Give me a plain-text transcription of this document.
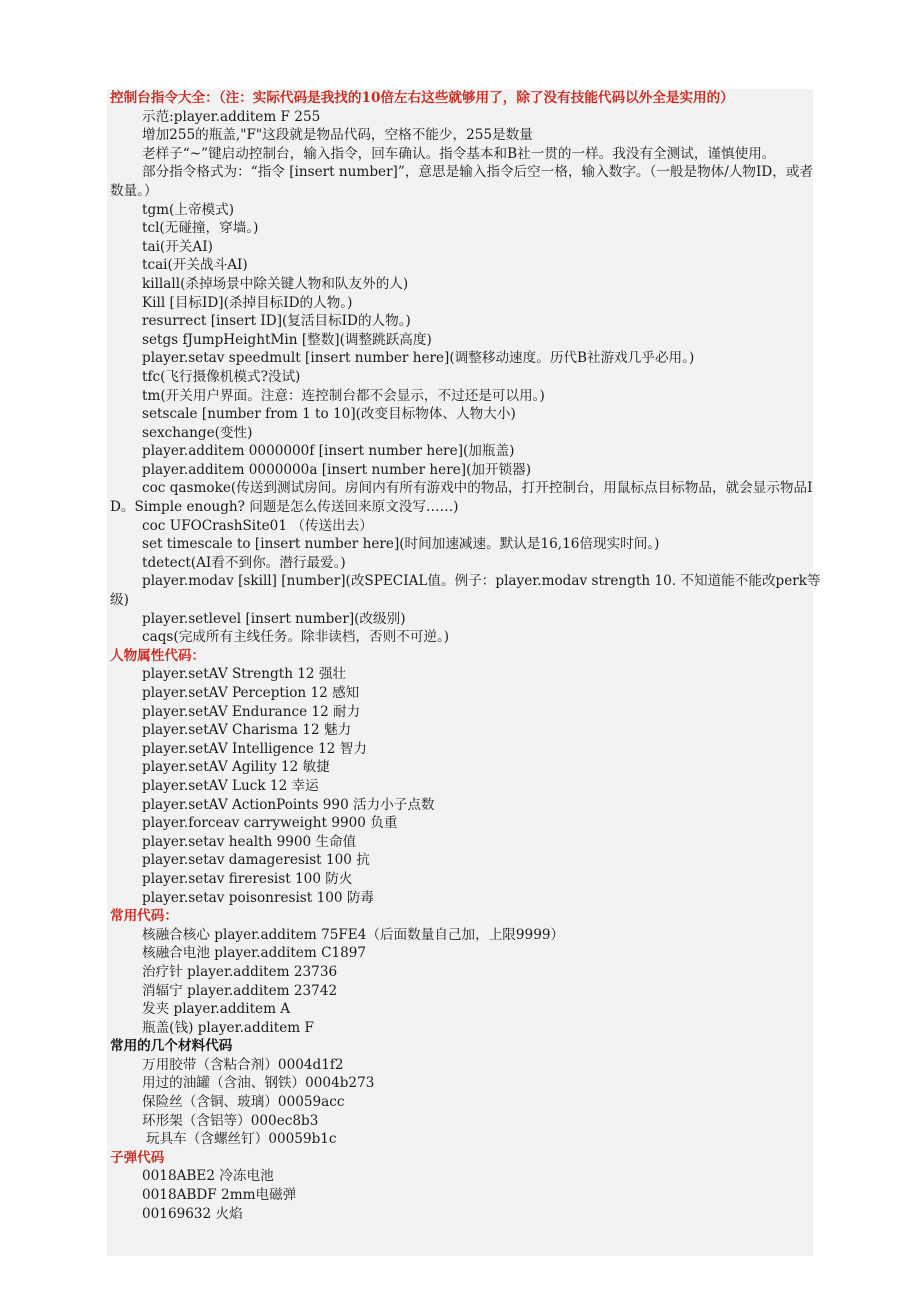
控制台指令大全：（注：实际代码是我找的10倍左右这些就够用了，除了没有技能代码以外全是实用的）
示范:player.additem F 255
增加255的瓶盖,"F"这段就是物品代码，空格不能少，255是数量
老样子“~”键启动控制台，输入指令，回车确认。指令基本和B社一贯的一样。我没有全测试，谨慎使用。
部分指令格式为：“指令 [insert number]”，意思是输入指令后空一格，输入数字。（一般是物体/人物ID，或者数量。）
tgm(上帝模式)
tcl(无碰撞，穿墙。)
tai(开关AI)
tcai(开关战斗AI)
killall(杀掉场景中除关键人物和队友外的人)
Kill [目标ID](杀掉目标ID的人物。)
resurrect [insert ID](复活目标ID的人物。)
setgs fJumpHeightMin [整数](调整跳跃高度)
player.setav speedmult [insert number here](调整移动速度。历代B社游戏几乎必用。)
tfc(飞行摄像机模式?没试)
tm(开关用户界面。注意：连控制台都不会显示，不过还是可以用。)
setscale [number from 1 to 10](改变目标物体、人物大小)
sexchange(变性)
player.additem 0000000f [insert number here](加瓶盖)
player.additem 0000000a [insert number here](加开锁器)
coc qasmoke(传送到测试房间。房间内有所有游戏中的物品，打开控制台，用鼠标点目标物品，就会显示物品ID。Simple enough? 问题是怎么传送回来原文没写……)
coc UFOCrashSite01 （传送出去）
set timescale to [insert number here](时间加速减速。默认是16,16倍现实时间。)
tdetect(AI看不到你。潜行最爱。)
player.modav [skill] [number](改SPECIAL值。例子：player.modav strength 10. 不知道能不能改perk等级)
player.setlevel [insert number](改级别)
caqs(完成所有主线任务。除非读档，否则不可逆。)
人物属性代码：
player.setAV Strength 12 强壮
player.setAV Perception 12 感知
player.setAV Endurance 12 耐力
player.setAV Charisma 12 魅力
player.setAV Intelligence 12 智力
player.setAV Agility 12 敏捷
player.setAV Luck 12 幸运
player.setAV ActionPoints 990 活力小子点数
player.forceav carryweight 9900 负重
player.setav health 9900 生命值
player.setav damageresist 100 抗
player.setav fireresist 100 防火
player.setav poisonresist 100 防毒
常用代码：
核融合核心 player.additem 75FE4（后面数量自己加，上限9999）
核融合电池 player.additem C1897
治疗针 player.additem 23736
消辐宁 player.additem 23742
发夹 player.additem A
瓶盖(钱) player.additem F
常用的几个材料代码
万用胶带（含粘合剂）0004d1f2
用过的油罐（含油、钢铁）0004b273
保险丝（含铜、玻璃）00059acc
环形架（含铝等）000ec8b3
玩具车（含螺丝钉）00059b1c
子弹代码
0018ABE2 冷冻电池
0018ABDF 2mm电磁弹
00169632 火焰
